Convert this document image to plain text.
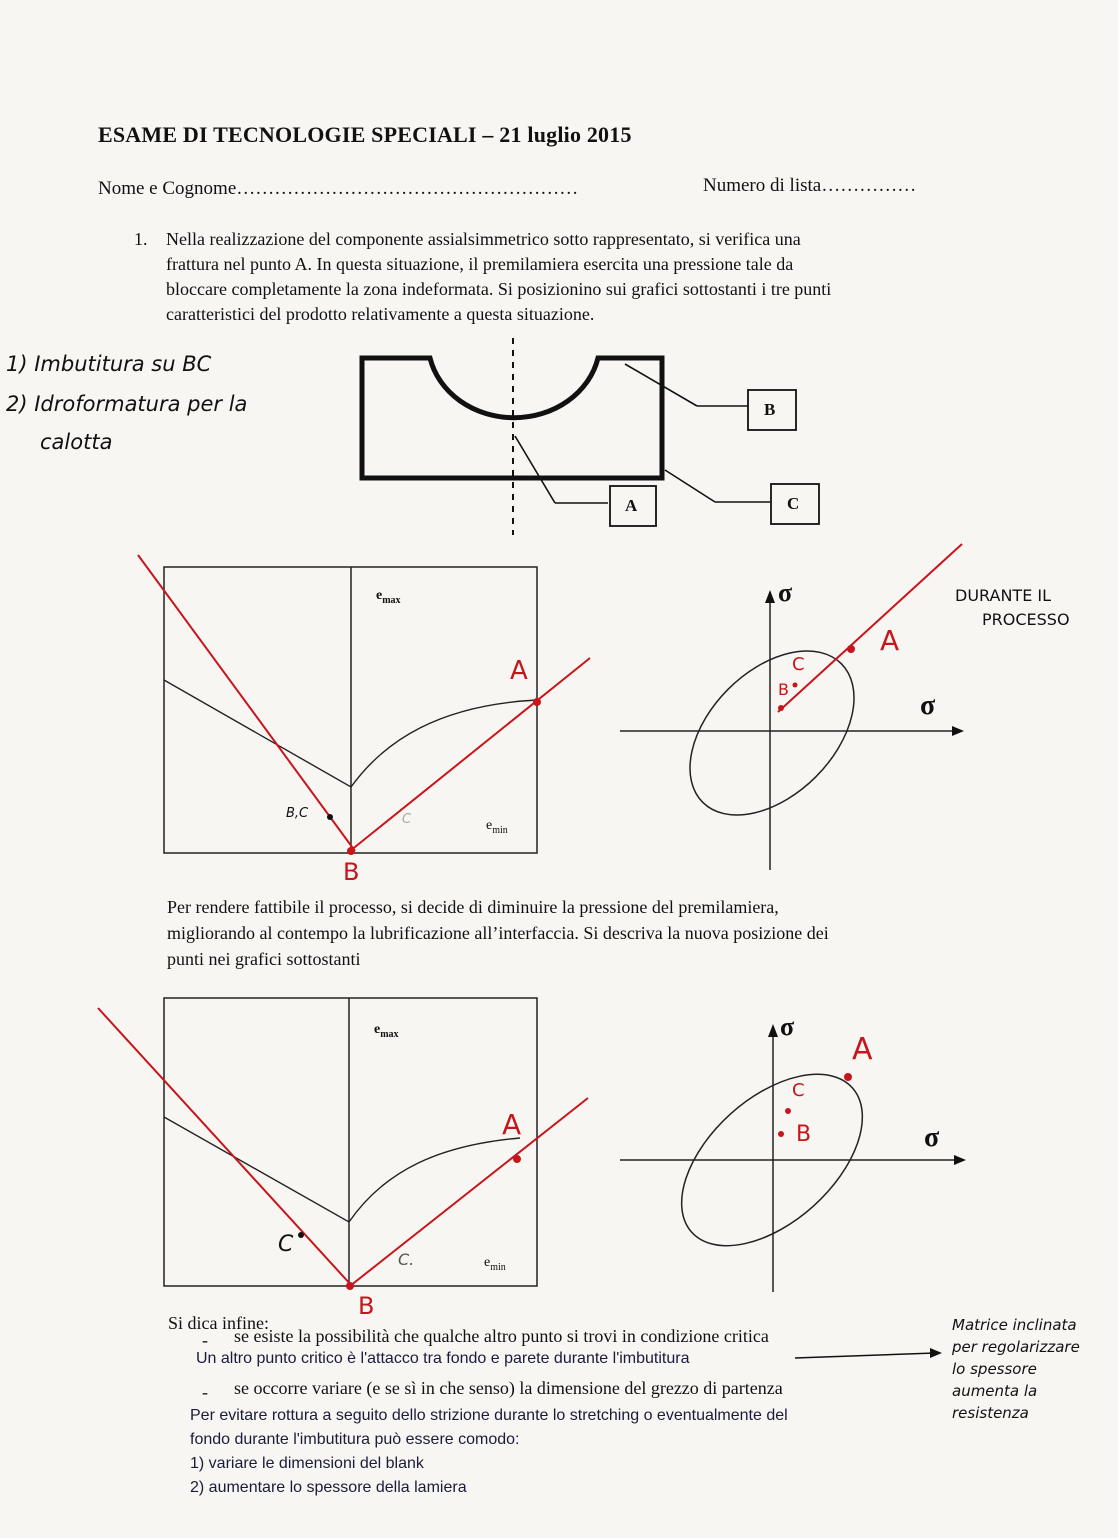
ESAME DI TECNOLOGIE SPECIALI – 21 luglio 2015
Nome e Cognome………………………………………………	Numero di lista……………
1. Nella realizzazione del componente assialsimmetrico sotto rappresentato, si verifica una
frattura nel punto A. In questa situazione, il premilamiera esercita una pressione tale da
bloccare completamente la zona indeformata. Si posizionino sui grafici sottostanti i tre punti
caratteristici del prodotto relativamente a questa situazione.
1) Imbutitura su BC
2) Idroformatura per la
calotta
B
A	C
$e_{max}$
$e_{min}$
A
B
B,C	C
σ
σ
A
B
C
DURANTE IL
PROCESSO
Per rendere fattibile il processo, si decide di diminuire la pressione del premilamiera,
migliorando al contempo la lubrificazione all’interfaccia. Si descriva la nuova posizione dei
punti nei grafici sottostanti
$e_{max}$
$e_{min}$
A
B
C
C.
σ
σ
A
C
B
Si dica infine:
- se esiste la possibilità che qualche altro punto si trovi in condizione critica
Un altro punto critico è l'attacco tra fondo e parete durante l'imbutitura
- se occorre variare (e se sì in che senso) la dimensione del grezzo di partenza
Per evitare rottura a seguito dello strizione durante lo stretching o eventualmente del
fondo durante l'imbutitura può essere comodo:
1) variare le dimensioni del blank
2) aumentare lo spessore della lamiera
Matrice inclinata
per regolarizzare
lo spessore
aumenta la
resistenza
